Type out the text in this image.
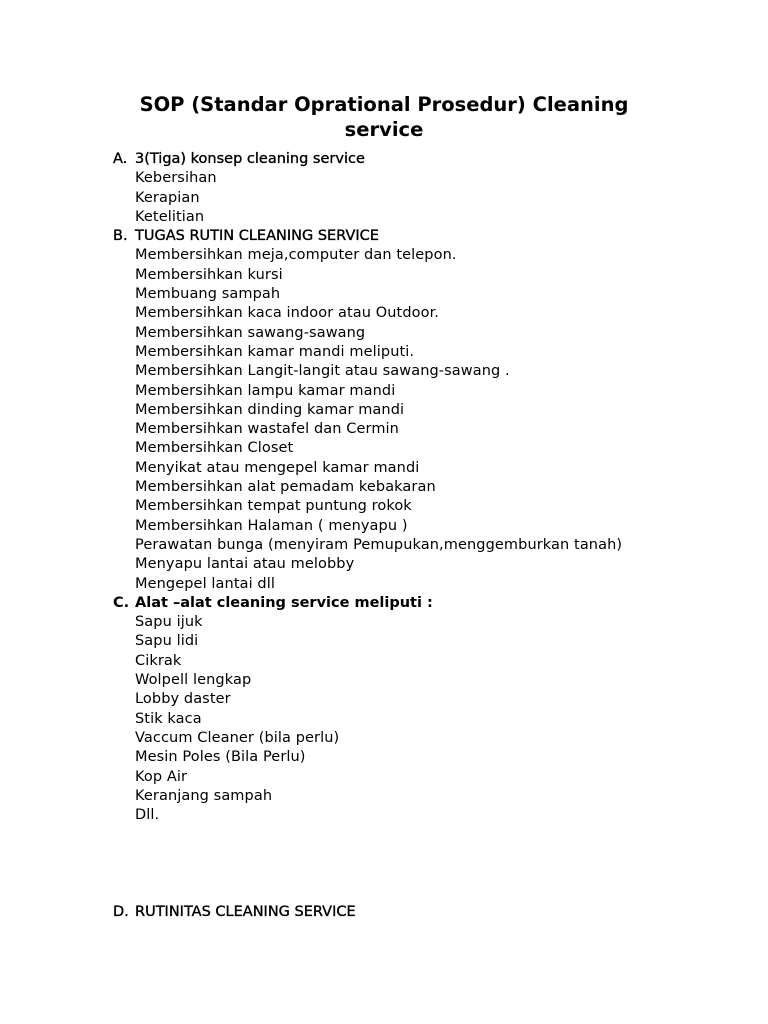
SOP (Standar Oprational Prosedur) Cleaning service
A. 3(Tiga) konsep cleaning service
Kebersihan
Kerapian
Ketelitian
B. TUGAS RUTIN CLEANING SERVICE
Membersihkan meja,computer dan telepon.
Membersihkan kursi
Membuang sampah
Membersihkan kaca indoor atau Outdoor.
Membersihkan sawang-sawang
Membersihkan kamar mandi meliputi.
Membersihkan Langit-langit atau sawang-sawang .
Membersihkan lampu kamar mandi
Membersihkan dinding kamar mandi
Membersihkan wastafel dan Cermin
Membersihkan Closet
Menyikat atau mengepel kamar mandi
Membersihkan alat pemadam kebakaran
Membersihkan tempat puntung rokok
Membersihkan Halaman ( menyapu )
Perawatan bunga (menyiram Pemupukan,menggemburkan tanah)
Menyapu lantai atau melobby
Mengepel lantai dll
C. Alat –alat cleaning service meliputi :
Sapu ijuk
Sapu lidi
Cikrak
Wolpell lengkap
Lobby daster
Stik kaca
Vaccum Cleaner (bila perlu)
Mesin Poles (Bila Perlu)
Kop Air
Keranjang sampah
Dll.
D. RUTINITAS CLEANING SERVICE
